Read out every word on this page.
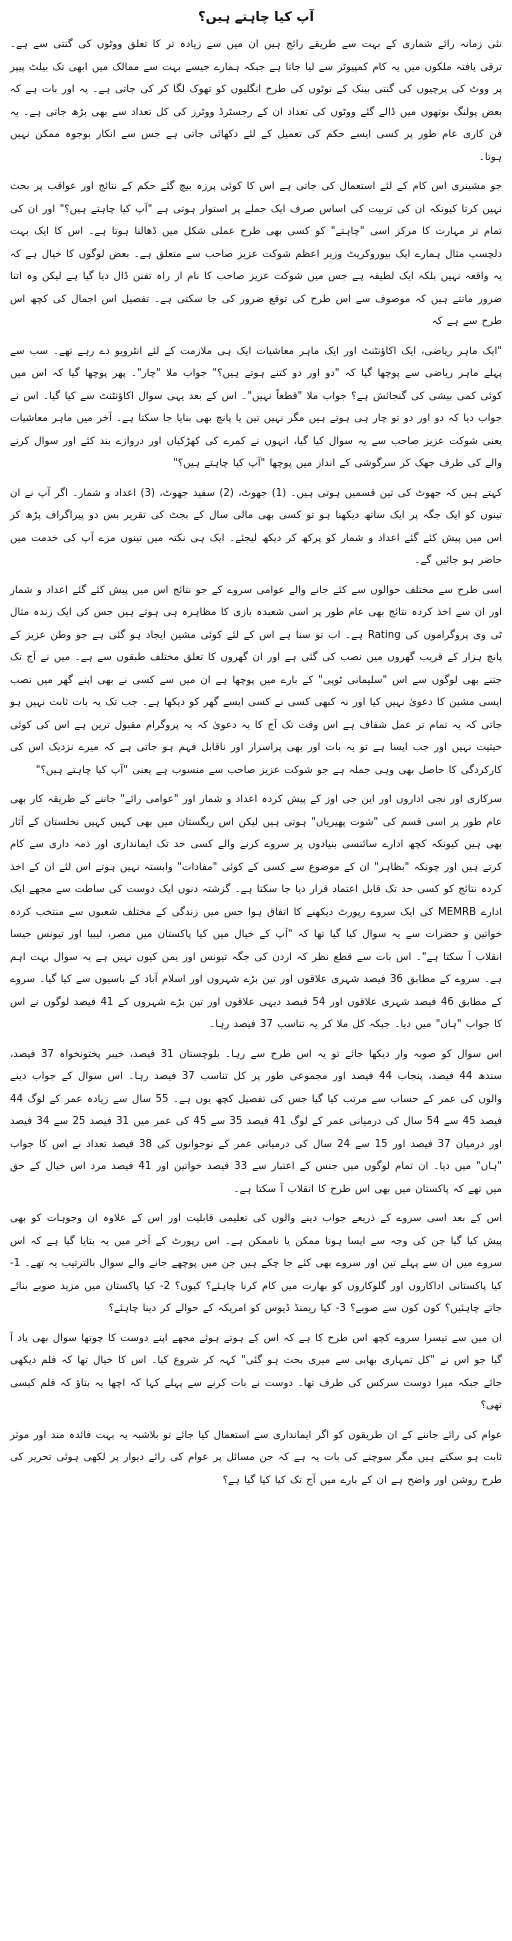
آپ کیا چاہتے ہیں؟

نئی زمانہ رائے شماری کے بہت سے طریقے رائج ہیں ان میں سے زیادہ تر کا تعلق ووٹوں کی گنتی سے ہے۔ ترقی یافتہ ملکوں میں یہ کام کمپیوٹر سے لیا جاتا ہے جبکہ ہمارے جیسے بہت سے ممالک میں ابھی تک بیلٹ پیپر پر ووٹ کی پرچیوں کی گنتی بینک کے نوٹوں کی طرح انگلیوں کو تھوک لگا کر کی جاتی ہے۔ یہ اور بات ہے کہ بعض پولنگ بوتھوں میں ڈالے گئے ووٹوں کی تعداد ان کے رجسٹرڈ ووٹرز کی کل تعداد سے بھی بڑھ جاتی ہے۔ یہ فن کاری عام طور پر کسی ایسے حکم کی تعمیل کے لئے دکھائی جاتی ہے جس سے انکار بوجوہ ممکن نہیں ہوتا۔

جو مشینری اس کام کے لئے استعمال کی جاتی ہے اس کا کوئی پرزہ بیچ گئے حکم کے نتائج اور عواقب پر بحث نہیں کرتا کیونکہ ان کی تربیت کی اساس صرف ایک جملے پر استوار ہوتی ہے "آپ کیا چاہتے ہیں؟" اور ان کی تمام تر مہارت کا مرکز اسی "چاہتے" کو کسی بھی طرح عملی شکل میں ڈھالنا ہوتا ہے۔ اس کا ایک بہت دلچسپ مثال ہمارے ایک بیوروکریٹ وزیر اعظم شوکت عزیز صاحب سے متعلق ہے۔ بعض لوگوں کا خیال ہے کہ یہ واقعہ نہیں بلکہ ایک لطیفہ ہے جس میں شوکت عزیز صاحب کا نام از راہ تفنن ڈال دیا گیا ہے لیکن وہ اتنا ضرور مانتے ہیں کہ موصوف سے اس طرح کی توقع ضرور کی جا سکتی ہے۔ تفصیل اس اجمال کی کچھ اس طرح سے ہے کہ

"ایک ماہر ریاضی، ایک اکاؤنٹنٹ اور ایک ماہر معاشیات ایک ہی ملازمت کے لئے انٹرویو دے رہے تھے۔ سب سے پہلے ماہر ریاضی سے پوچھا گیا کہ "دو اور دو کتنے ہوتے ہیں؟" جواب ملا "چار"۔ پھر پوچھا گیا کہ اس میں کوئی کمی بیشی کی گنجائش ہے؟ جواب ملا "قطعاً نہیں"۔ اس کے بعد یہی سوال اکاؤنٹنٹ سے کیا گیا۔ اس نے جواب دیا کہ دو اور دو تو چار ہی ہوتے ہیں مگر نہیں تین یا پانچ بھی بنایا جا سکتا ہے۔ آخر میں ماہر معاشیات یعنی شوکت عزیز صاحب سے یہ سوال کیا گیا، انہوں نے کمرے کی کھڑکیاں اور دروازے بند کئے اور سوال کرنے والے کی طرف جھک کر سرگوشی کے انداز میں پوچھا "آپ کیا چاہتے ہیں؟"

کہتے ہیں کہ جھوٹ کی تین قسمیں ہوتی ہیں۔ (1) جھوٹ، (2) سفید جھوٹ، (3) اعداد و شمار۔ اگر آپ نے ان تینوں کو ایک جگہ پر ایک ساتھ دیکھنا ہو تو کسی بھی مالی سال کے بجٹ کی تقریر بس دو پیراگراف پڑھ کر اس میں پیش کئے گئے اعداد و شمار کو پرکھ کر دیکھ لیجئے۔ ایک ہی نکتہ میں تینوں مزے آپ کی خدمت میں حاضر ہو جائیں گے۔

اسی طرح سے مختلف حوالوں سے کئے جانے والے عوامی سروے کے جو نتائج اس میں پیش کئے گئے اعداد و شمار اور ان سے اخذ کردہ نتائج بھی عام طور پر اسی شعبدہ بازی کا مظاہرہ ہی ہوتے ہیں جس کی ایک زندہ مثال ٹی وی پروگراموں کی Rating ہے۔ اب تو سنا ہے اس کے لئے کوئی مشین ایجاد ہو گئی ہے جو وطن عزیز کے پانچ ہزار کے قریب گھروں میں نصب کی گئی ہے اور ان گھروں کا تعلق مختلف طبقوں سے ہے۔ میں نے آج تک جتنے بھی لوگوں سے اس "سلیمانی ٹوپی" کے بارے میں پوچھا ہے ان میں سے کسی نے بھی اپنے گھر میں نصب ایسی مشین کا دعویٰ نہیں کیا اور نہ کبھی کسی نے کسی ایسے گھر کو دیکھا ہے۔ جب تک یہ بات ثابت نہیں ہو جاتی کہ یہ تمام تر عمل شفاف ہے اس وقت تک آج کا یہ دعویٰ کہ یہ پروگرام مقبول ترین ہے اس کی کوئی حیثیت نہیں اور جب ایسا ہے تو یہ بات اور بھی پراسرار اور ناقابل فہم ہو جاتی ہے کہ میرے نزدیک اس کی کارکردگی کا حاصل بھی وہی جملہ ہے جو شوکت عزیز صاحب سے منسوب ہے یعنی "آپ کیا چاہتے ہیں؟"

سرکاری اور نجی اداروں اور این جی اوز کے پیش کردہ اعداد و شمار اور "عوامی رائے" جاننے کے طریقہ کار بھی عام طور پر اسی قسم کی "شوت پھیریاں" ہوتی ہیں لیکن اس ریگستان میں بھی کہیں کہیں نخلستان کے آثار بھی ہیں کیونکہ کچھ ادارے سائنسی بنیادوں پر سروے کرنے والے کسی حد تک ایمانداری اور ذمہ داری سے کام کرتے ہیں اور چونکہ "بظاہر" ان کے موضوع سے کسی کے کوئی "مفادات" وابستہ نہیں ہوتے اس لئے ان کے اخذ کردہ نتائج کو کسی حد تک قابل اعتماد قرار دیا جا سکتا ہے۔ گزشتہ دنوں ایک دوست کی ساطت سے مجھے ایک ادارے MEMRB کی ایک سروے رپورٹ دیکھنے کا اتفاق ہوا جس میں زندگی کے مختلف شعبوں سے منتخب کردہ خواتین و حضرات سے یہ سوال کیا گیا تھا کہ "آپ کے خیال میں کیا پاکستان میں مصر، لیبیا اور تیونس جیسا انقلاب آ سکتا ہے"۔ اس بات سے قطع نظر کہ اردن کی جگہ تیونس اور یمن کیوں نہیں ہے یہ سوال بہت اہم ہے۔ سروے کے مطابق 36 فیصد شہری علاقوں اور تین بڑے شہروں اور اسلام آباد کے باسیوں سے کیا گیا۔ سروے کے مطابق 46 فیصد شہری علاقوں اور 54 فیصد دیہی علاقوں اور تین بڑے شہروں کے 41 فیصد لوگوں نے اس کا جواب "ہاں" میں دیا۔ جبکہ کل ملا کر یہ تناسب 37 فیصد رہا۔

اس سوال کو صوبہ وار دیکھا جائے تو یہ اس طرح سے رہا۔ بلوچستان 31 فیصد، خیبر پختونخواہ 37 فیصد، سندھ 44 فیصد، پنجاب 44 فیصد اور مجموعی طور پر کل تناسب 37 فیصد رہا۔ اس سوال کے جواب دینے والوں کی عمر کے حساب سے مرتب کیا گیا جس کی تفصیل کچھ یوں ہے۔ 55 سال سے زیادہ عمر کے لوگ 44 فیصد 45 سے 54 سال کی درمیانی عمر کے لوگ 41 فیصد 35 سے 45 کی عمر میں 31 فیصد 25 سے 34 فیصد اور درمیان 37 فیصد اور 15 سے 24 سال کی درمیانی عمر کے نوجوانوں کی 38 فیصد تعداد نے اس کا جواب "ہاں" میں دیا۔ ان تمام لوگوں میں جنس کے اعتبار سے 33 فیصد خواتین اور 41 فیصد مرد اس خیال کے حق میں تھے کہ پاکستان میں بھی اس طرح کا انقلاب آ سکتا ہے۔

اس کے بعد اسی سروے کے ذریعے جواب دینے والوں کی تعلیمی قابلیت اور اس کے علاوہ ان وجوہات کو بھی پیش کیا گیا جن کی وجہ سے ایسا ہونا ممکن یا ناممکن ہے۔ اس رپورٹ کے آخر میں یہ بتایا گیا ہے کہ اس سروے میں ان سے پہلے تین اور سروے بھی کئے جا چکے ہیں جن میں پوچھے جانے والے سوال بالترتیب یہ تھے۔ 1- کیا پاکستانی اداکاروں اور گلوکاروں کو بھارت میں کام کرنا چاہئے؟ کیوں؟ 2- کیا پاکستان میں مزید صوبے بنائے جانے چاہئیں؟ کون کون سے صوبے؟ 3- کیا ریمنڈ ڈیوس کو امریکہ کے حوالے کر دینا چاہئے؟

ان میں سے تیسرا سروے کچھ اس طرح کا ہے کہ اس کے ہوتے ہوئے مجھے اپنے دوست کا چوتھا سوال بھی یاد آ گیا جو اس نے "کل تمہاری بھابی سے میری بحث ہو گئی" کہہ کر شروع کیا۔ اس کا خیال تھا کہ فلم دیکھی جائے جبکہ میرا دوست سرکس کی طرف تھا۔ دوست نے بات کرنے سے پہلے کہا کہ اچھا یہ بتاؤ کہ فلم کیسی تھی؟

عوام کی رائے جاننے کے ان طریقوں کو اگر ایمانداری سے استعمال کیا جائے تو بلاشبہ یہ بہت فائدہ مند اور موثر ثابت ہو سکتے ہیں مگر سوچنے کی بات یہ ہے کہ جن مسائل پر عوام کی رائے دیوار پر لکھی ہوئی تحریر کی طرح روشن اور واضح ہے ان کے بارے میں آج تک کیا کیا گیا ہے؟
